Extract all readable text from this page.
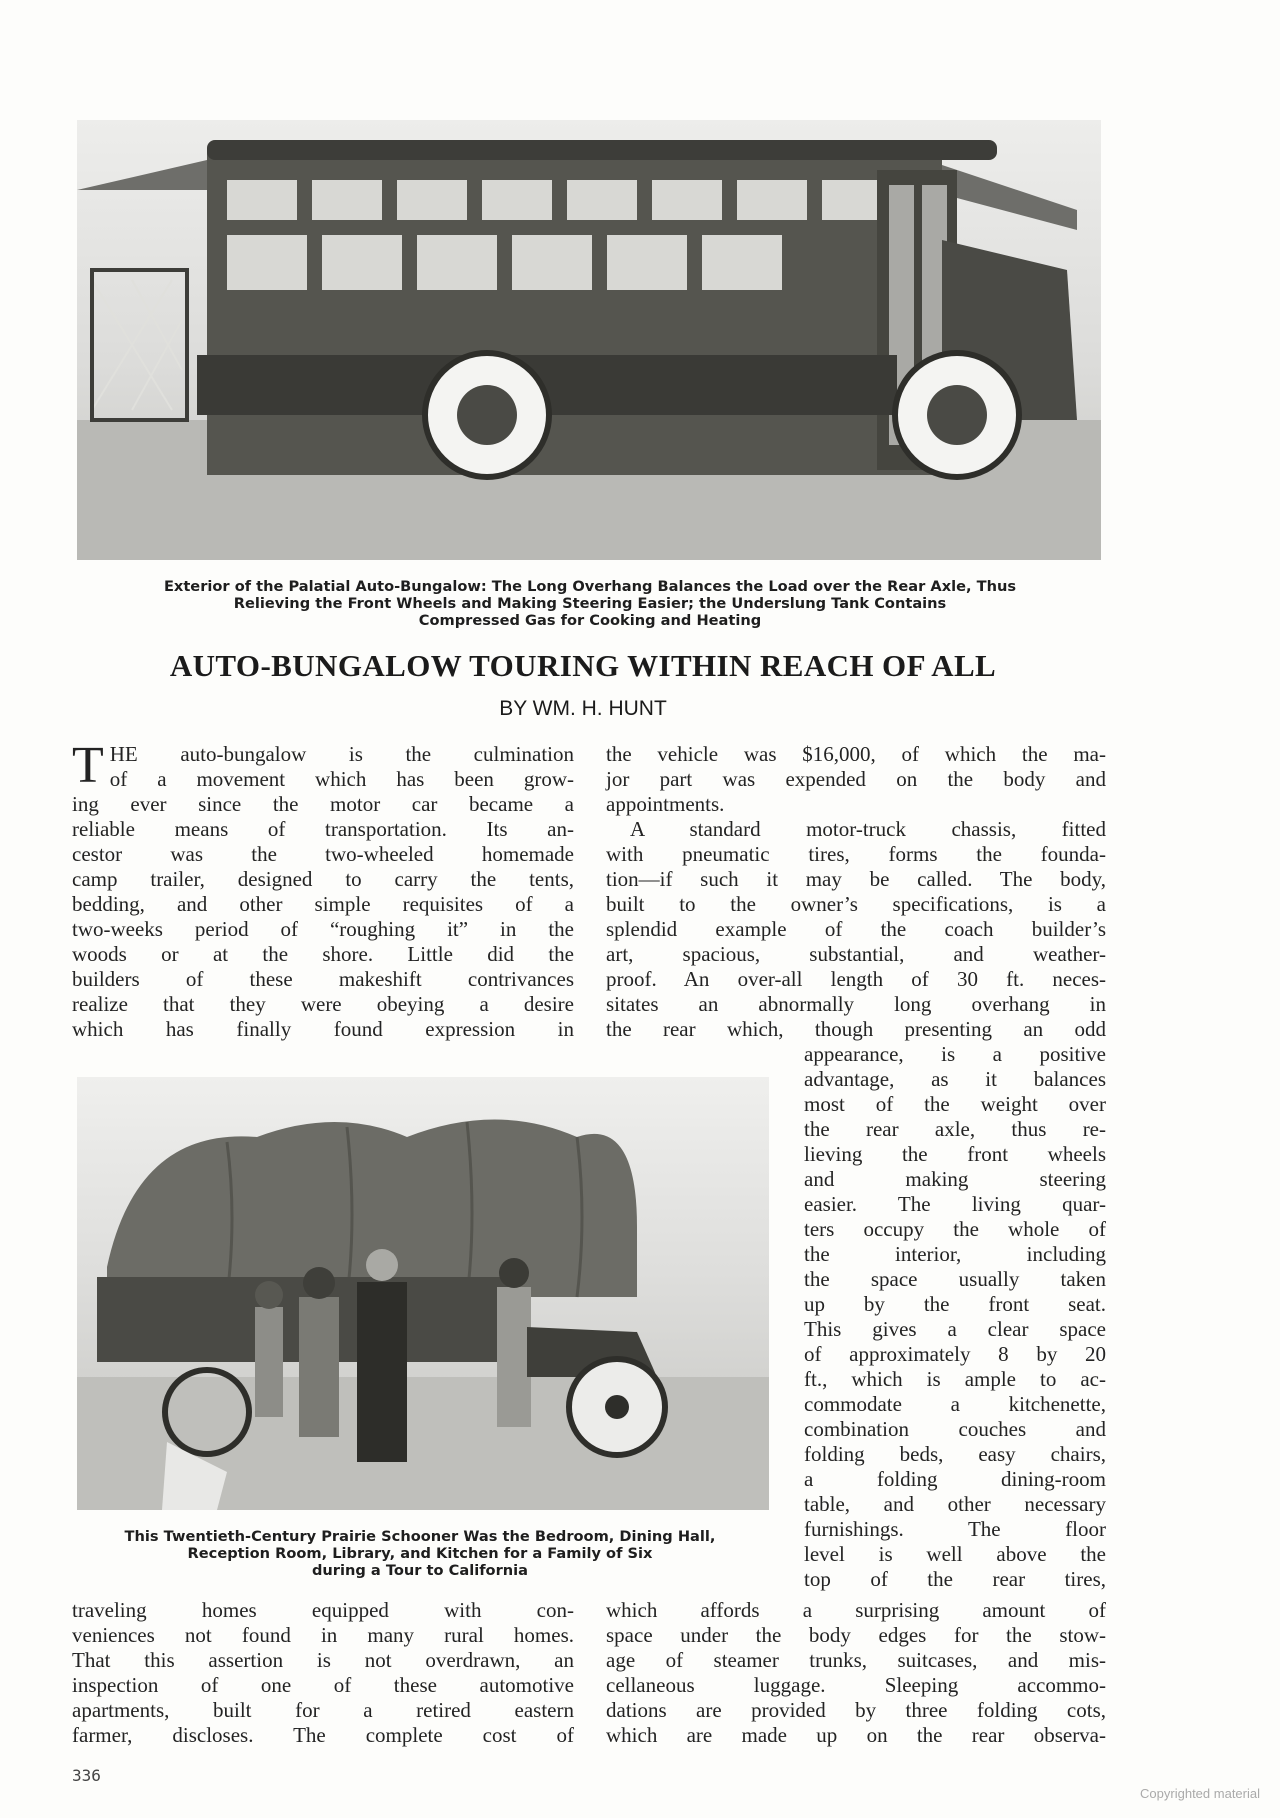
Exterior of the Palatial Auto-Bungalow: The Long Overhang Balances the Load over the Rear Axle, Thus
Relieving the Front Wheels and Making Steering Easier; the Underslung Tank Contains
Compressed Gas for Cooking and Heating
AUTO-BUNGALOW TOURING WITHIN REACH OF ALL
BY WM. H. HUNT
T HE auto-bungalow is the culmination
of a movement which has been grow-
ing ever since the motor car became a
reliable means of transportation. Its an-
cestor was the two-wheeled homemade
camp trailer, designed to carry the tents,
bedding, and other simple requisites of a
two-weeks period of “roughing it” in the
woods or at the shore. Little did the
builders of these makeshift contrivances
realize that they were obeying a desire
which has finally found expression in
the vehicle was $16,000, of which the ma-
jor part was expended on the body and
appointments.
A standard motor-truck chassis, fitted
with pneumatic tires, forms the founda-
tion—if such it may be called. The body,
built to the owner’s specifications, is a
splendid example of the coach builder’s
art, spacious, substantial, and weather-
proof. An over-all length of 30 ft. neces-
sitates an abnormally long overhang in
the rear which, though presenting an odd
This Twentieth-Century Prairie Schooner Was the Bedroom, Dining Hall,
Reception Room, Library, and Kitchen for a Family of Six
during a Tour to California
appearance, is a positive
advantage, as it balances
most of the weight over
the rear axle, thus re-
lieving the front wheels
and making steering
easier. The living quar-
ters occupy the whole of
the interior, including
the space usually taken
up by the front seat.
This gives a clear space
of approximately 8 by 20
ft., which is ample to ac-
commodate a kitchenette,
combination couches and
folding beds, easy chairs,
a folding dining-room
table, and other necessary
furnishings. The floor
level is well above the
top of the rear tires,
traveling homes equipped with con-
veniences not found in many rural homes.
That this assertion is not overdrawn, an
inspection of one of these automotive
apartments, built for a retired eastern
farmer, discloses. The complete cost of
which affords a surprising amount of
space under the body edges for the stow-
age of steamer trunks, suitcases, and mis-
cellaneous luggage. Sleeping accommo-
dations are provided by three folding cots,
which are made up on the rear observa-
336
Copyrighted material
